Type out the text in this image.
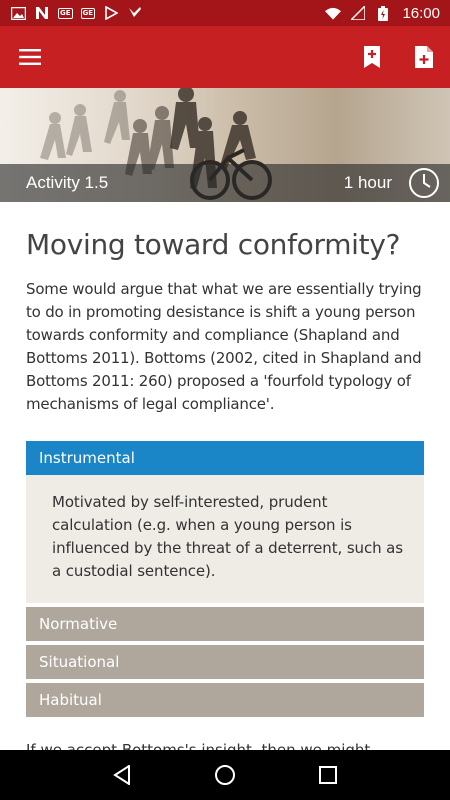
GE GE	16:00
Activity 1.5	1 hour
Moving toward conformity?

Some would argue that what we are essentially trying to do in promoting desistance is shift a young person towards conformity and compliance (Shapland and Bottoms 2011). Bottoms (2002, cited in Shapland and Bottoms 2011: 260) proposed a 'fourfold typology of mechanisms of legal compliance'.

Instrumental
Motivated by self-interested, prudent calculation (e.g. when a young person is influenced by the threat of a deterrent, such as a custodial sentence).
Normative
Situational
Habitual
